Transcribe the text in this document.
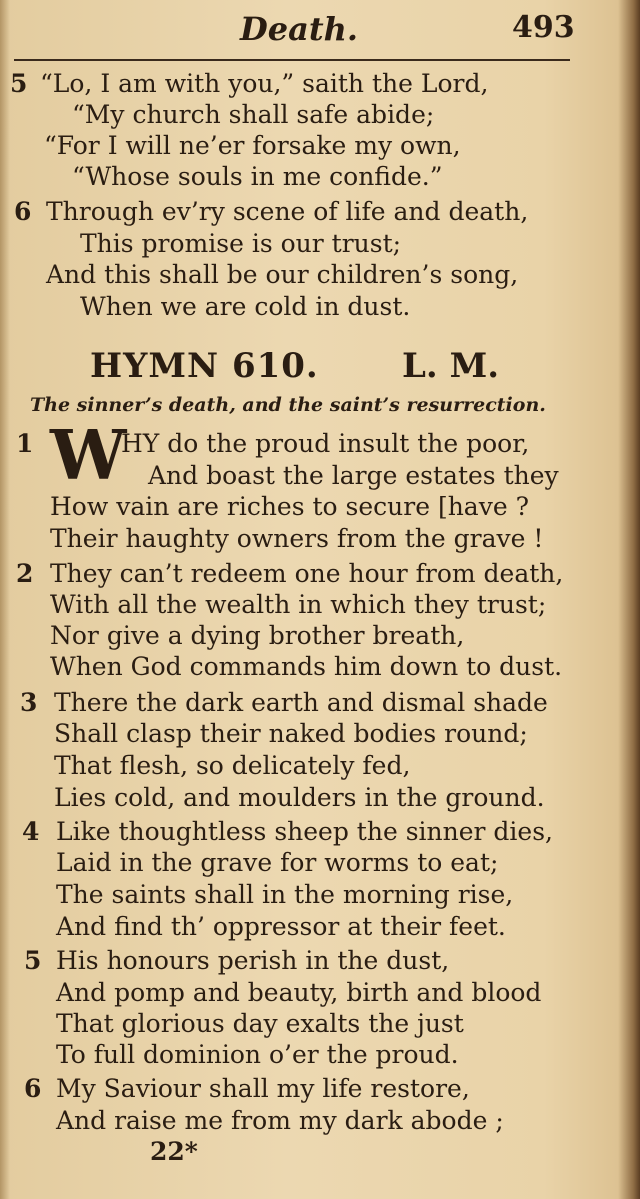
Death.	493
5 “Lo, I am with you,” saith the Lord,
“My church shall safe abide;
“For I will ne’er forsake my own,
“Whose souls in me confide.”
6 Through ev’ry scene of life and death,
This promise is our trust;
And this shall be our children’s song,
When we are cold in dust.
HYMN 610. L. M.
The sinner’s death, and the saint’s resurrection.
1 W
HY do the proud insult the poor,
And boast the large estates they
How vain are riches to secure [have ?
Their haughty owners from the grave !
2 They can’t redeem one hour from death,
With all the wealth in which they trust;
Nor give a dying brother breath,
When God commands him down to dust.
3 There the dark earth and dismal shade
Shall clasp their naked bodies round;
That flesh, so delicately fed,
Lies cold, and moulders in the ground.
4 Like thoughtless sheep the sinner dies,
Laid in the grave for worms to eat;
The saints shall in the morning rise,
And find th’ oppressor at their feet.
5 His honours perish in the dust,
And pomp and beauty, birth and blood
That glorious day exalts the just
To full dominion o’er the proud.
6 My Saviour shall my life restore,
And raise me from my dark abode ;
22*
